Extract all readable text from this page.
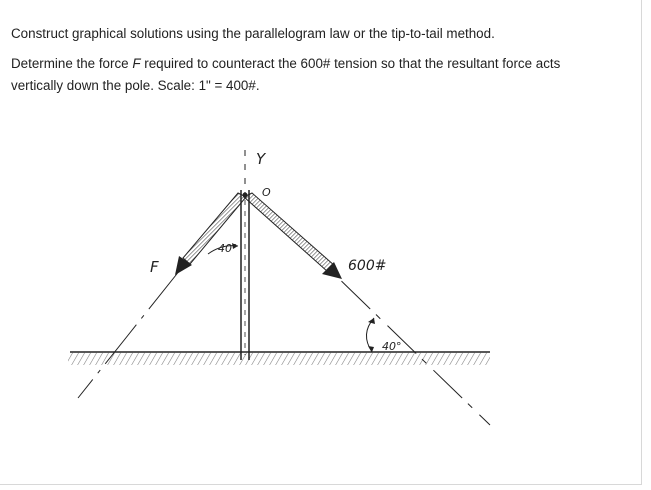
Construct graphical solutions using the parallelogram law or the tip-to-tail method.

Determine the force F required to counteract the 600# tension so that the resultant force acts vertically down the pole. Scale: 1" = 400#.

Y
O
F	600#
40°
40°
